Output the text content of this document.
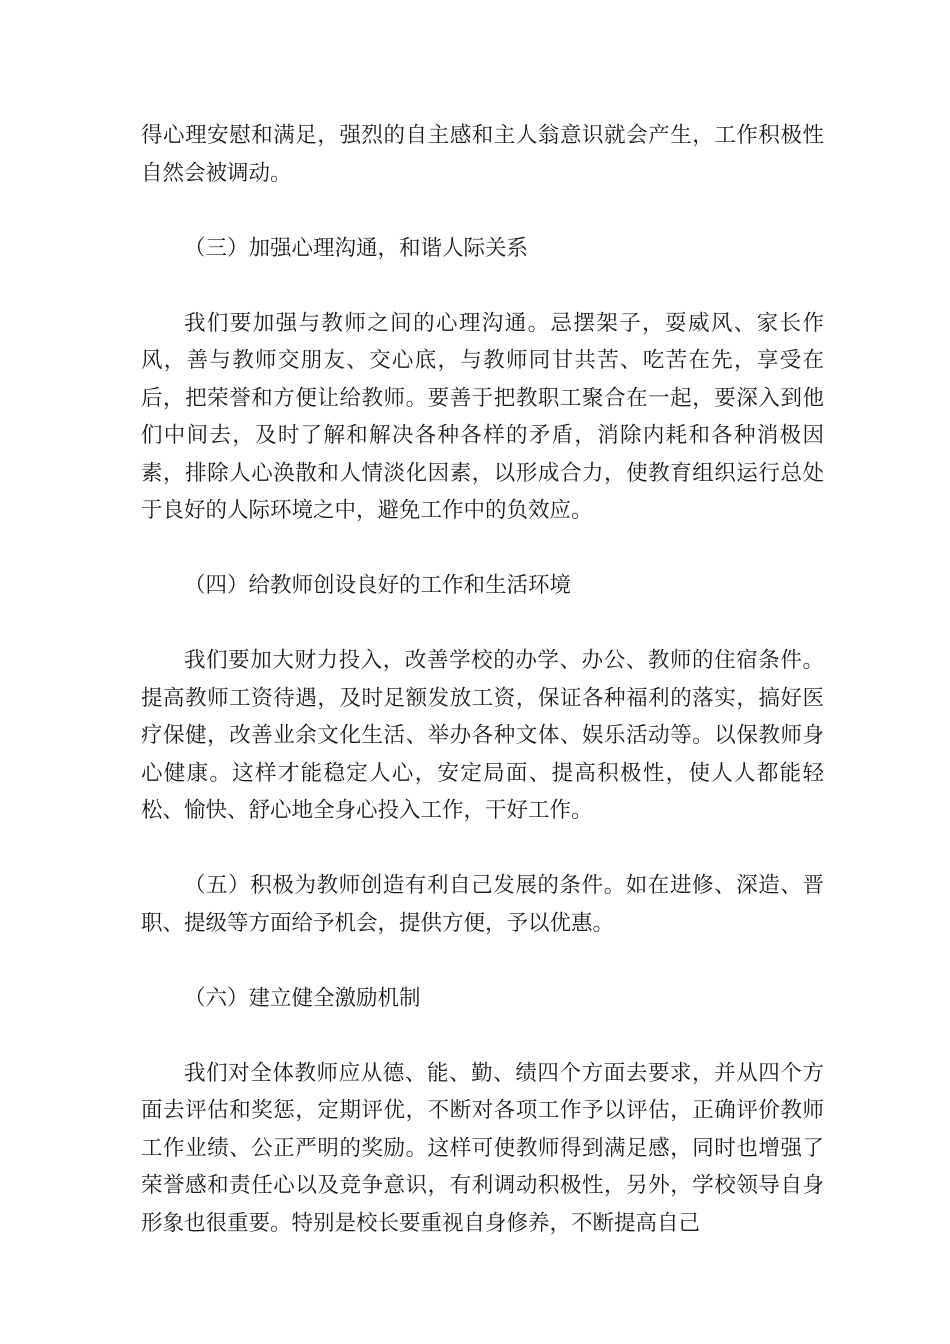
得心理安慰和满足，强烈的自主感和主人翁意识就会产生，工作积极性自然会被调动。

（三）加强心理沟通，和谐人际关系

我们要加强与教师之间的心理沟通。忌摆架子，耍威风、家长作风，善与教师交朋友、交心底，与教师同甘共苦、吃苦在先，享受在后，把荣誉和方便让给教师。要善于把教职工聚合在一起，要深入到他们中间去，及时了解和解决各种各样的矛盾，消除内耗和各种消极因素，排除人心涣散和人情淡化因素，以形成合力，使教育组织运行总处于良好的人际环境之中，避免工作中的负效应。

（四）给教师创设良好的工作和生活环境

我们要加大财力投入，改善学校的办学、办公、教师的住宿条件。提高教师工资待遇，及时足额发放工资，保证各种福利的落实，搞好医疗保健，改善业余文化生活、举办各种文体、娱乐活动等。以保教师身心健康。这样才能稳定人心，安定局面、提高积极性，使人人都能轻松、愉快、舒心地全身心投入工作，干好工作。

（五）积极为教师创造有利自己发展的条件。如在进修、深造、晋职、提级等方面给予机会，提供方便，予以优惠。

（六）建立健全激励机制

我们对全体教师应从德、能、勤、绩四个方面去要求，并从四个方面去评估和奖惩，定期评优，不断对各项工作予以评估，正确评价教师工作业绩、公正严明的奖励。这样可使教师得到满足感，同时也增强了荣誉感和责任心以及竞争意识，有利调动积极性，另外，学校领导自身形象也很重要。特别是校长要重视自身修养，不断提高自己
